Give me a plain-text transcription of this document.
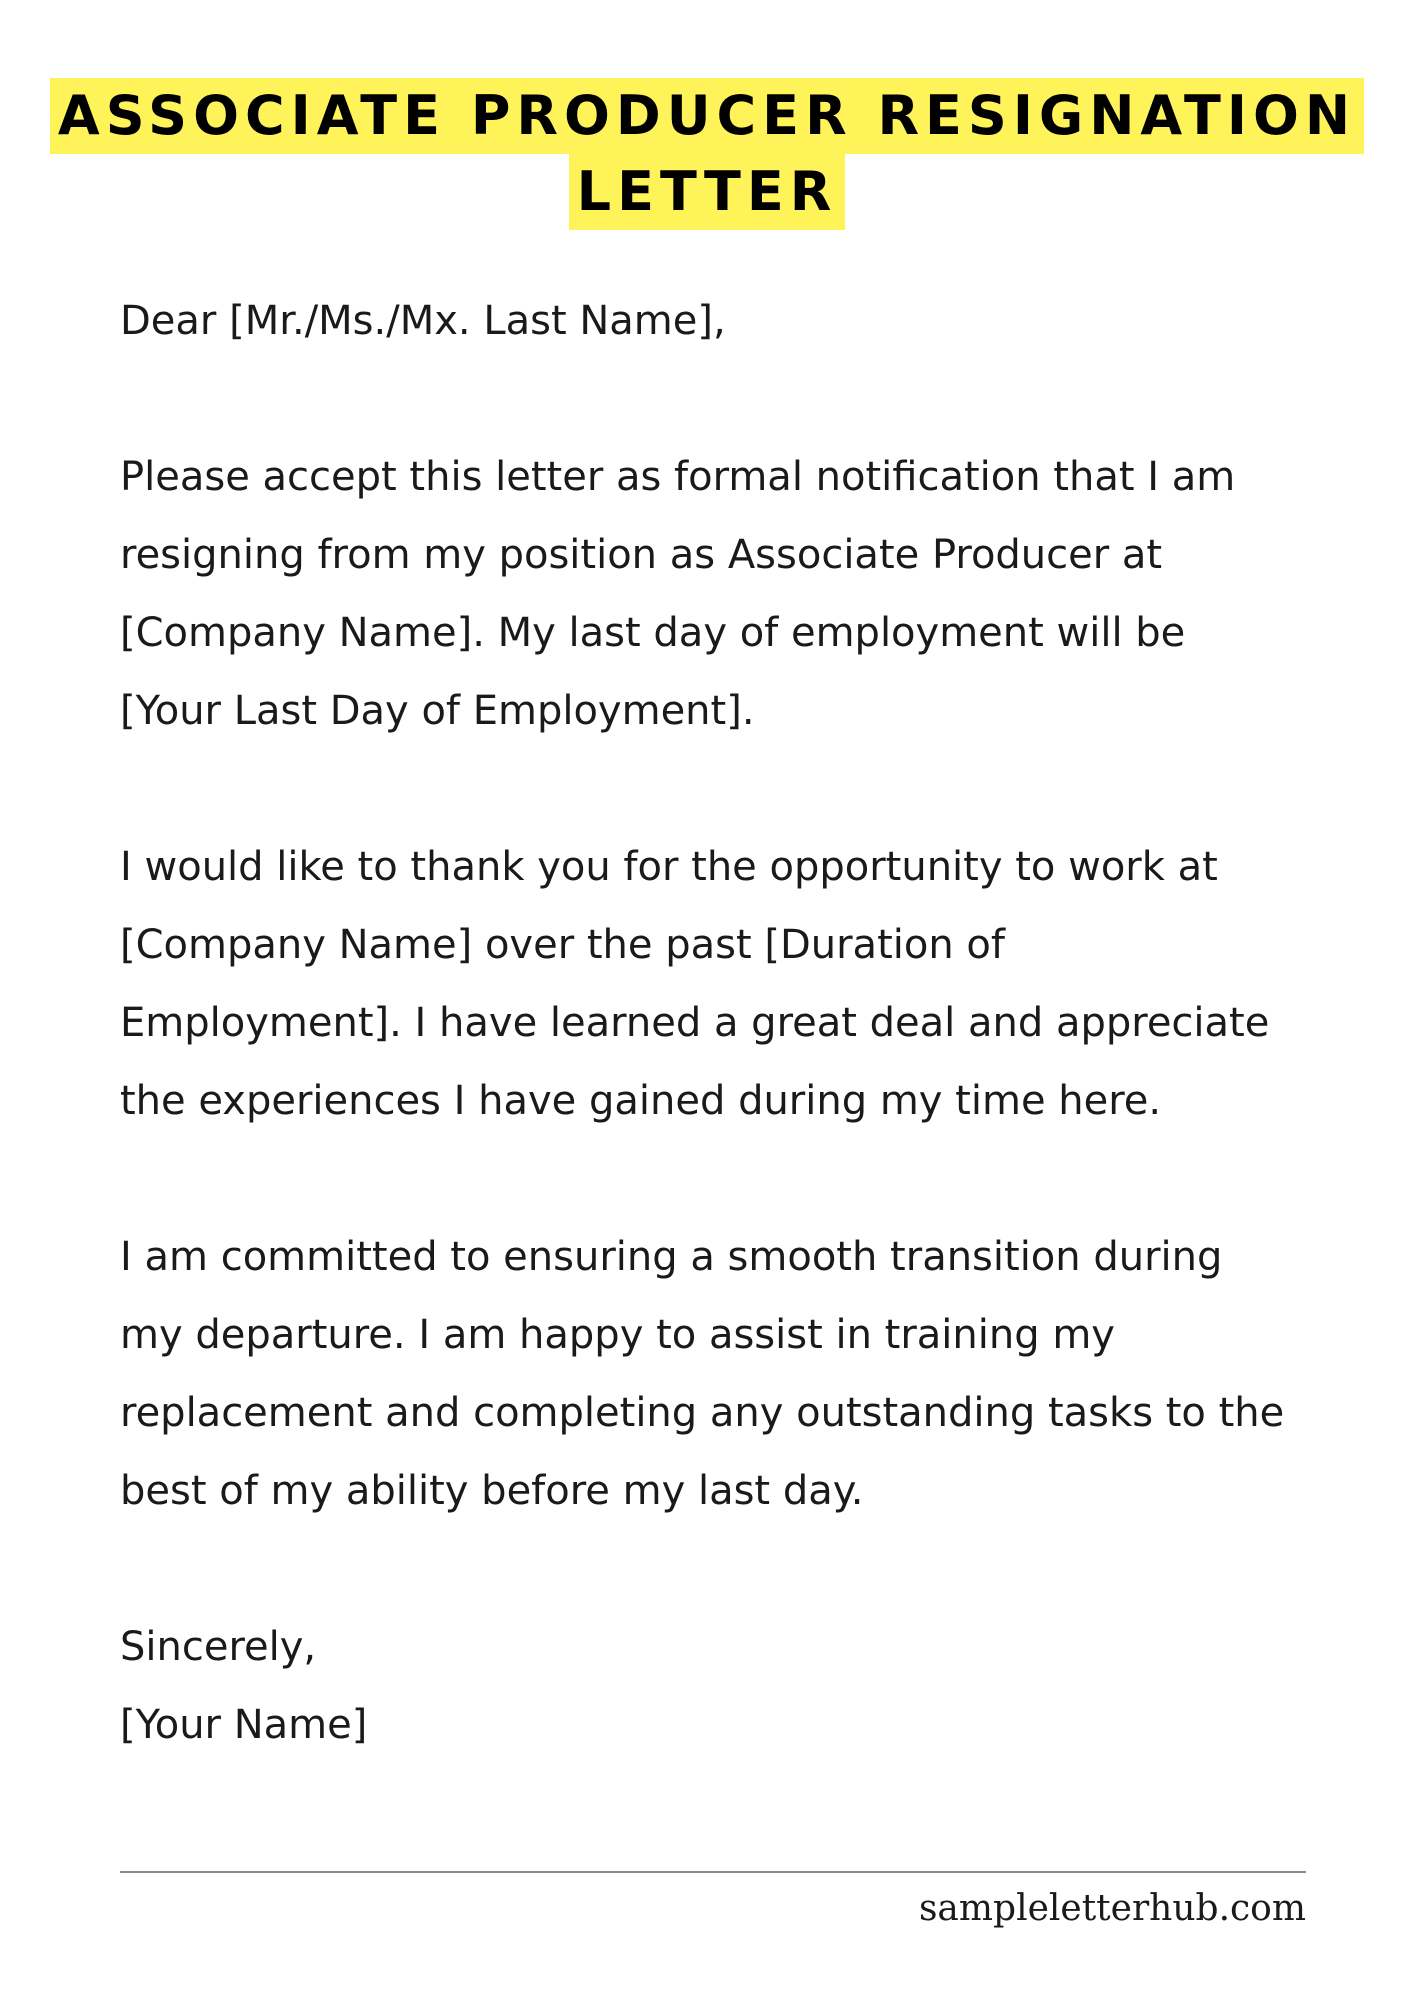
ASSOCIATE PRODUCER RESIGNATION
LETTER

Dear [Mr./Ms./Mx. Last Name],

Please accept this letter as formal notification that I am
resigning from my position as Associate Producer at
[Company Name]. My last day of employment will be
[Your Last Day of Employment].

I would like to thank you for the opportunity to work at
[Company Name] over the past [Duration of
Employment]. I have learned a great deal and appreciate
the experiences I have gained during my time here.

I am committed to ensuring a smooth transition during
my departure. I am happy to assist in training my
replacement and completing any outstanding tasks to the
best of my ability before my last day.

Sincerely,

[Your Name]

sampleletterhub.com
